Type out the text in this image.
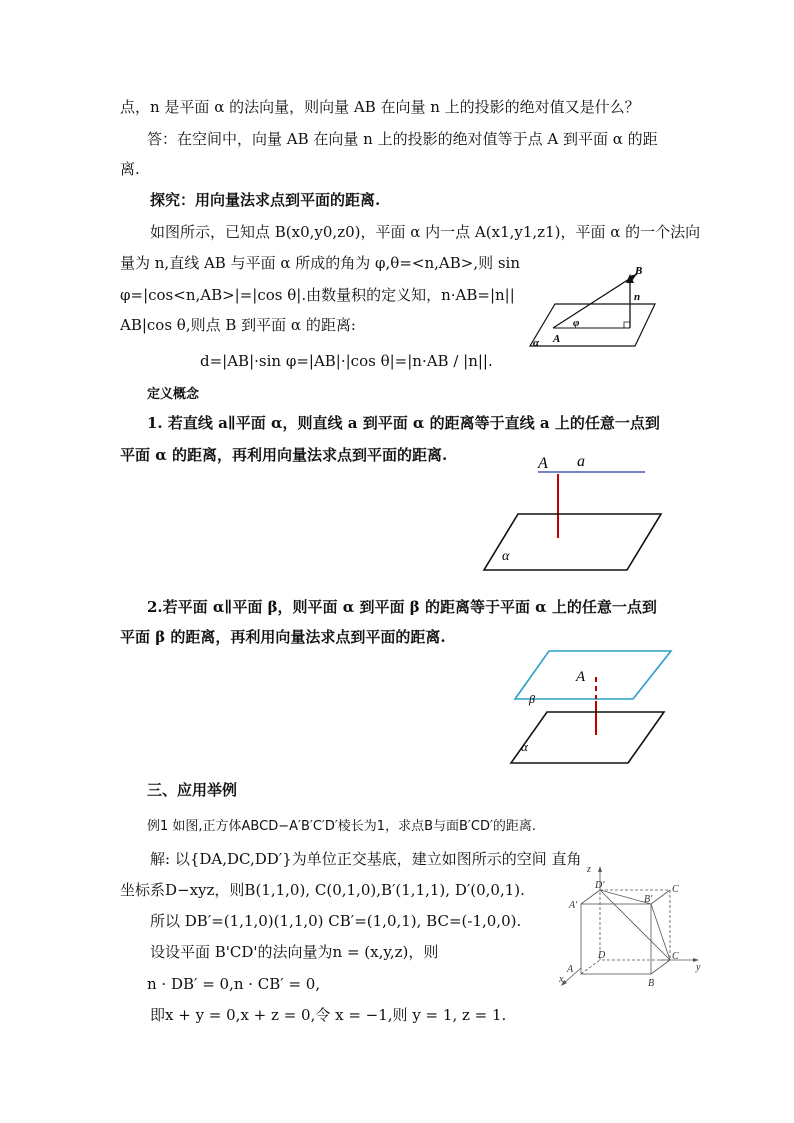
点，n 是平面 α 的法向量，则向量 AB 在向量 n 上的投影的绝对值又是什么？
答：在空间中，向量 AB 在向量 n 上的投影的绝对值等于点 A 到平面 α 的距
离.
探究：用向量法求点到平面的距离.
如图所示，已知点 B(x0,y0,z0)，平面 α 内一点 A(x1,y1,z1)，平面 α 的一个法向
量为 n,直线 AB 与平面 α 所成的角为 φ,θ=<n,AB>,则 sin
φ=|cos<n,AB>|=|cos θ|.由数量积的定义知，n·AB=|n||
AB|cos θ,则点 B 到平面 α 的距离:
d=|AB|·sin φ=|AB|·|cos θ|=|n·AB / |n||.
定义概念
1. 若直线 a∥平面 α，则直线 a 到平面 α 的距离等于直线 a 上的任意一点到
平面 α 的距离，再利用向量法求点到平面的距离.
2.若平面 α∥平面 β，则平面 α 到平面 β 的距离等于平面 α 上的任意一点到
平面 β 的距离，再利用向量法求点到平面的距离.
三、应用举例
例1 如图,正方体ABCD−A′B′C′D′棱长为1，求点B与面B′CD′的距离.
解: 以{DA,DC,DD′}为单位正交基底，建立如图所示的空间 直角
坐标系D−xyz，则B(1,1,0), C(0,1,0),B′(1,1,1), D′(0,0,1).
所以 DB′=(1,1,0)(1,1,0) CB′=(1,0,1), BC=(-1,0,0).
设设平面 B'CD'的法向量为n = (x,y,z)，则
n · DB′ = 0,n · CB′ = 0,
即x + y = 0,x + z = 0,令 x = −1,则 y = 1, z = 1.
B
n
φ
A
α
A a
α
A
β
α
z
D′	C
A′
B′
D	C
A
B
x
y
